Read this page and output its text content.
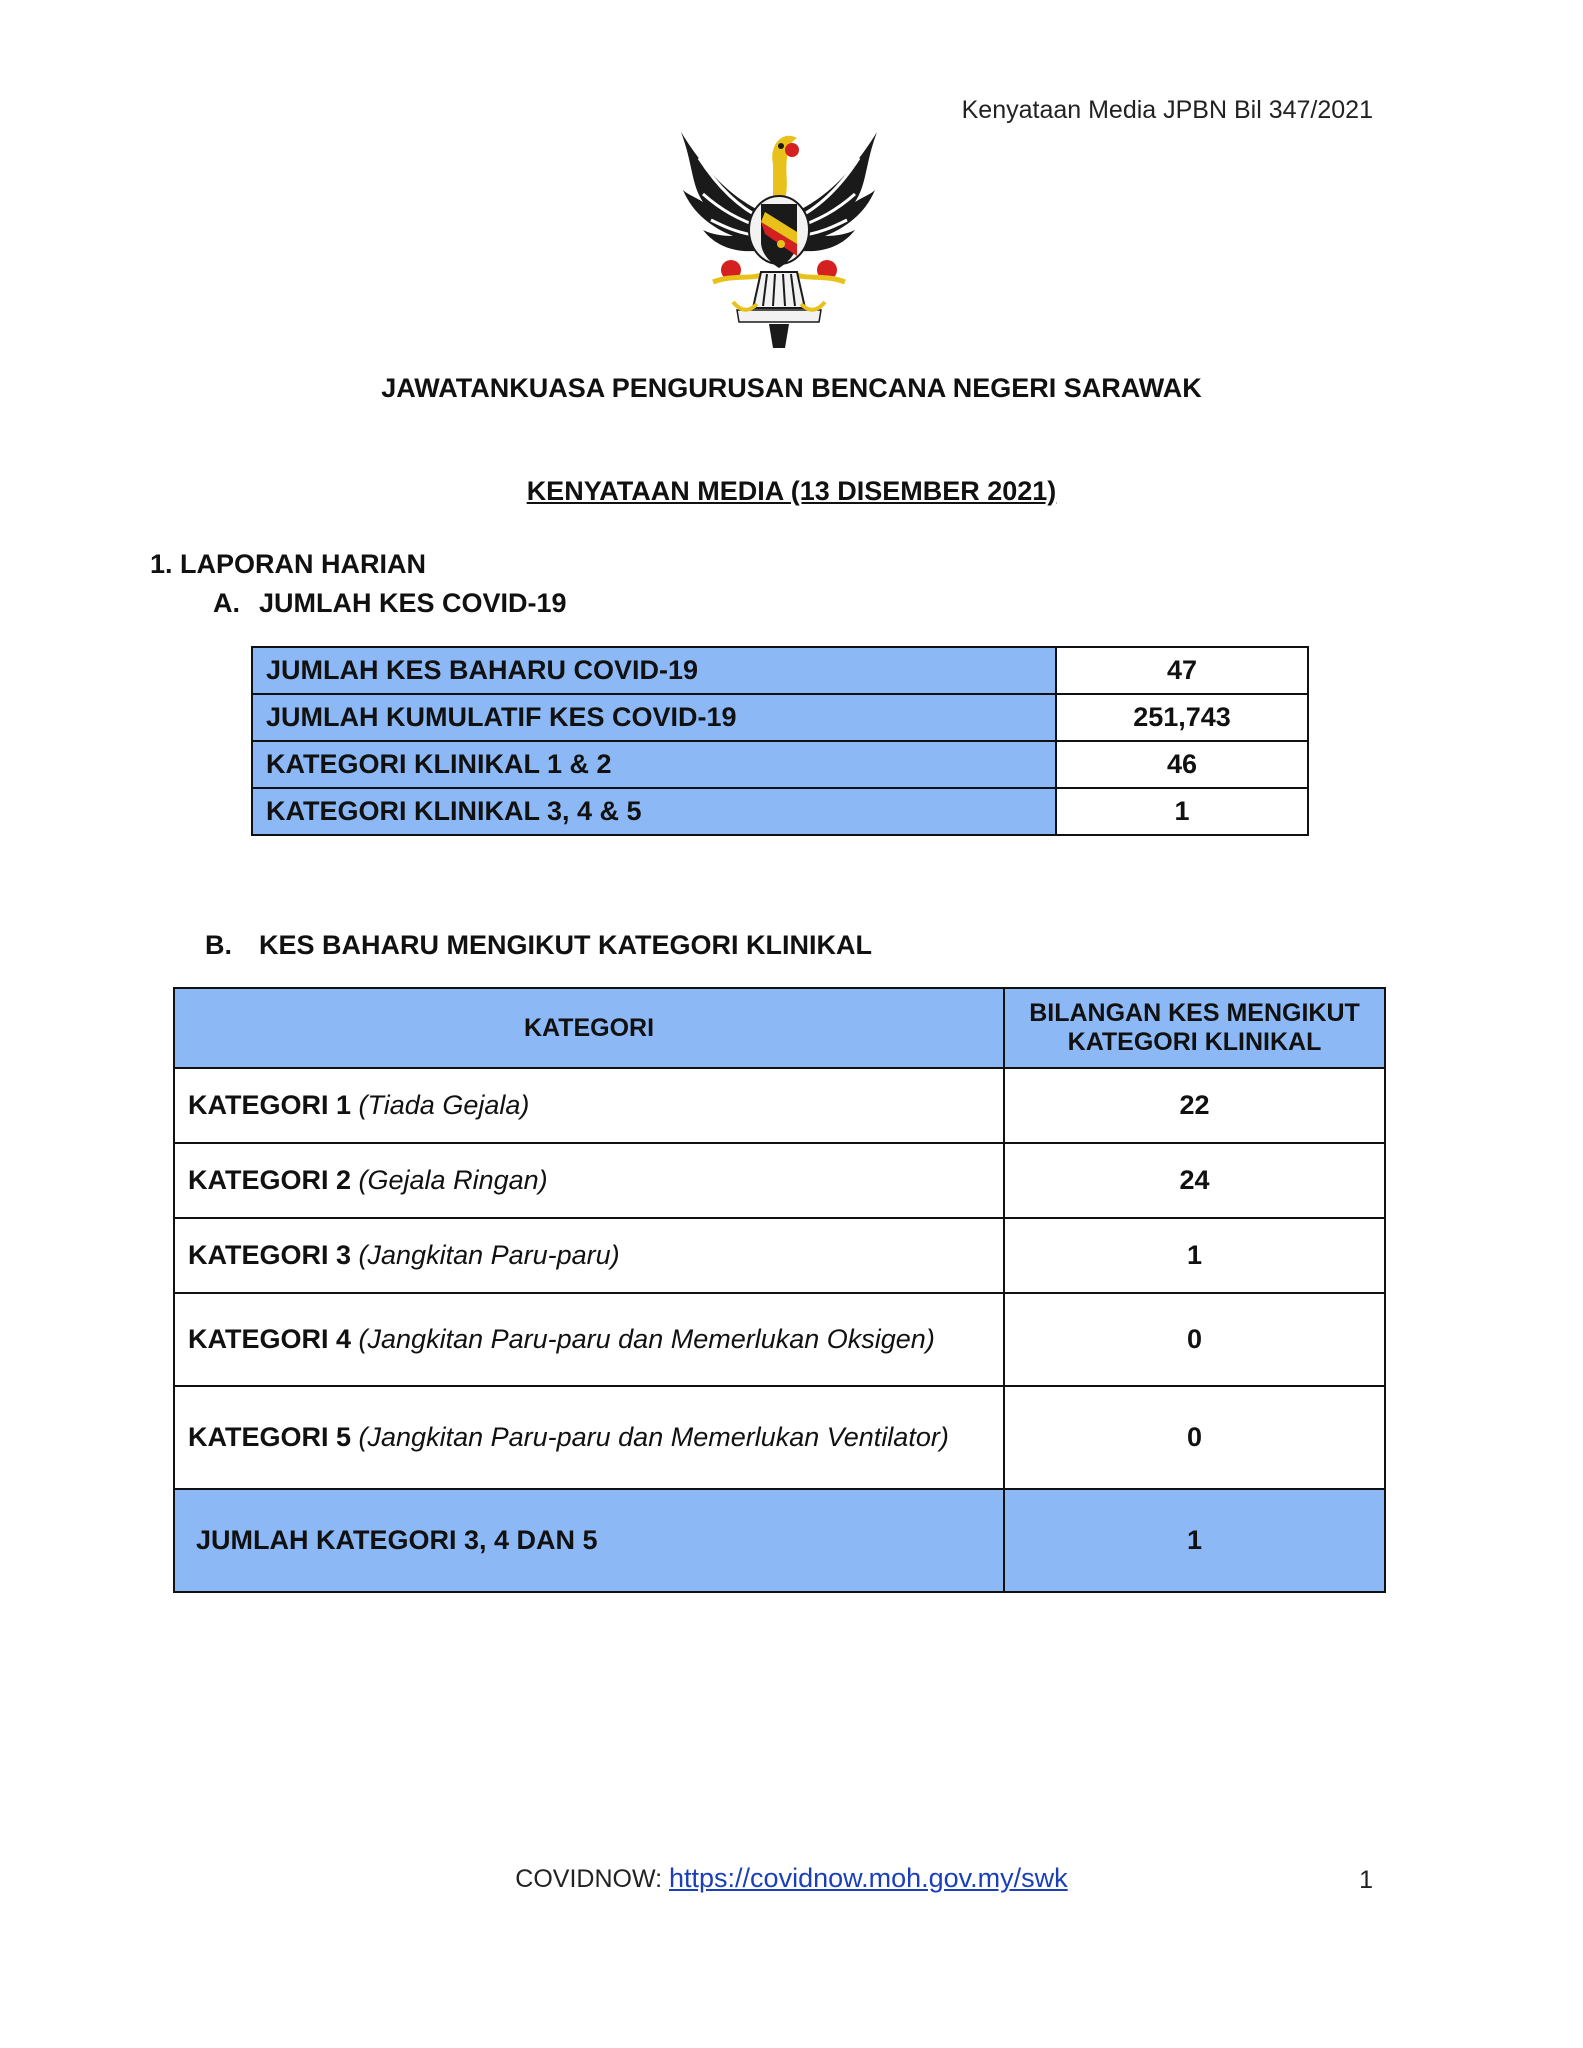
Kenyataan Media JPBN Bil 347/2021
JAWATANKUASA PENGURUSAN BENCANA NEGERI SARAWAK
KENYATAAN MEDIA (13 DISEMBER 2021)
1. LAPORAN HARIAN
A. JUMLAH KES COVID-19
JUMLAH KES BAHARU COVID-19	47
JUMLAH KUMULATIF KES COVID-19	251,743
KATEGORI KLINIKAL 1 & 2	46
KATEGORI KLINIKAL 3, 4 & 5	1
B. KES BAHARU MENGIKUT KATEGORI KLINIKAL
KATEGORI	BILANGAN KES MENGIKUT
KATEGORI KLINIKAL
KATEGORI 1 (Tiada Gejala)	22
KATEGORI 2 (Gejala Ringan)	24
KATEGORI 3 (Jangkitan Paru-paru)	1
KATEGORI 4 (Jangkitan Paru-paru dan Memerlukan Oksigen)	0
KATEGORI 5 (Jangkitan Paru-paru dan Memerlukan Ventilator)	0
JUMLAH KATEGORI 3, 4 DAN 5	1
COVIDNOW: https://covidnow.moh.gov.my/swk	1
